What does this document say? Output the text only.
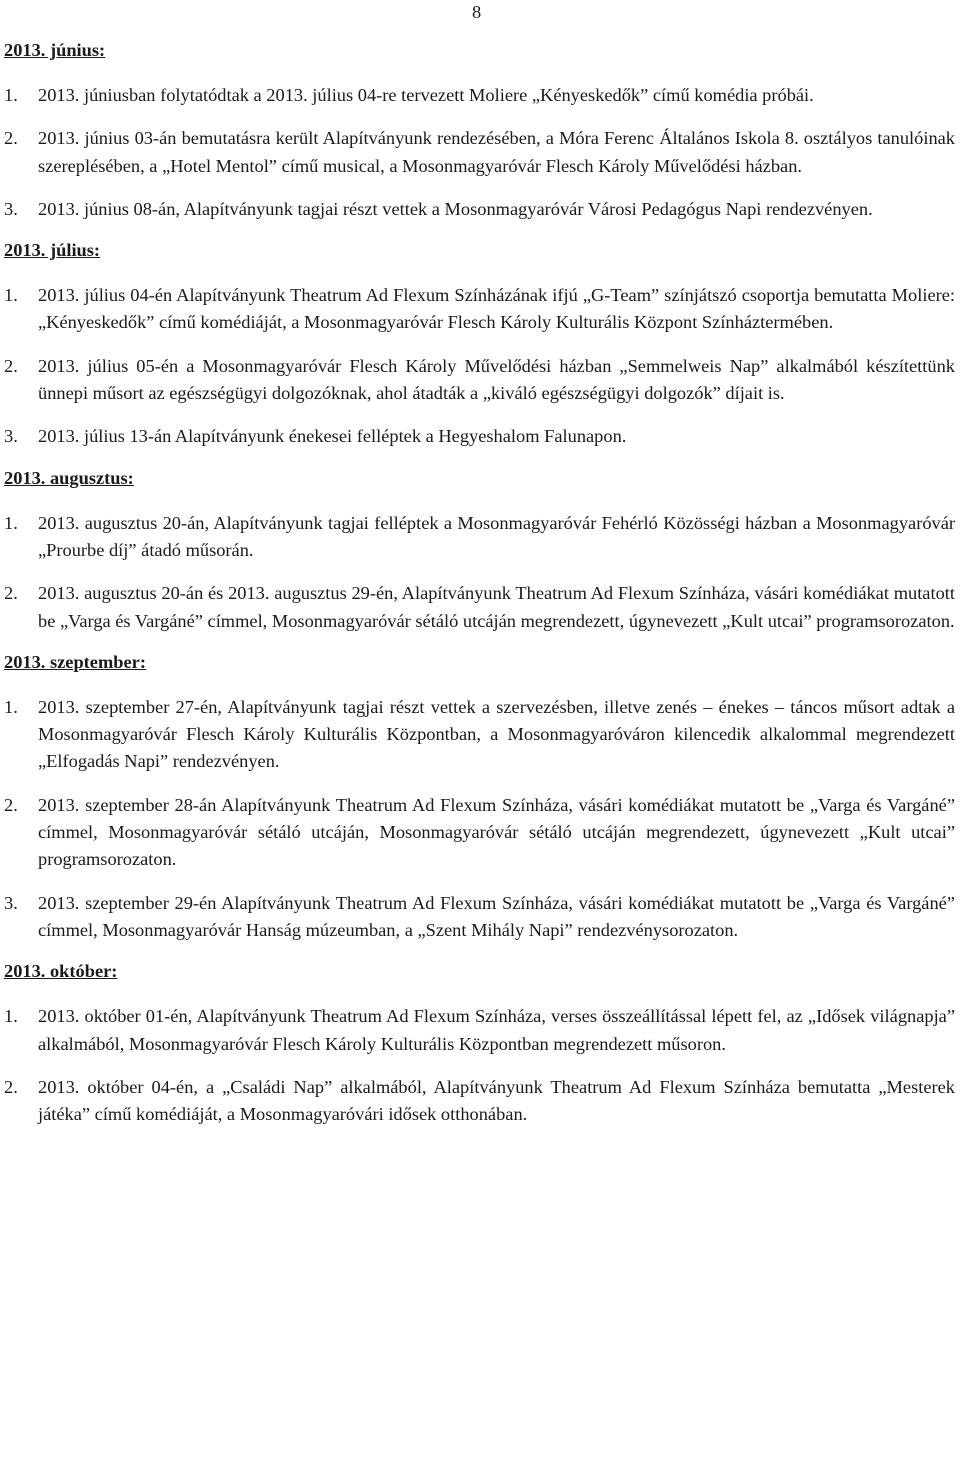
8

2013. június:

1. 2013. júniusban folytatódtak a 2013. július 04-re tervezett Moliere „Kényeskedők” című komédia próbái.

2. 2013. június 03-án bemutatásra került Alapítványunk rendezésében, a Móra Ferenc Általános Iskola 8. osztályos tanulóinak szereplésében, a „Hotel Mentol” című musical, a Mosonmagyaróvár Flesch Károly Művelődési házban.

3. 2013. június 08-án, Alapítványunk tagjai részt vettek a Mosonmagyaróvár Városi Pedagógus Napi rendezvényen.

2013. július:

1. 2013. július 04-én Alapítványunk Theatrum Ad Flexum Színházának ifjú „G-Team” színjátszó csoportja bemutatta Moliere: „Kényeskedők” című komédiáját, a Mosonmagyaróvár Flesch Károly Kulturális Központ Színháztermében.

2. 2013. július 05-én a Mosonmagyaróvár Flesch Károly Művelődési házban „Semmelweis Nap” alkalmából készítettünk ünnepi műsort az egészségügyi dolgozóknak, ahol átadták a „kiváló egészségügyi dolgozók” díjait is.

3. 2013. július 13-án Alapítványunk énekesei felléptek a Hegyeshalom Falunapon.

2013. augusztus:

1. 2013. augusztus 20-án, Alapítványunk tagjai felléptek a Mosonmagyaróvár Fehérló Közösségi házban a Mosonmagyaróvár „Prourbe díj” átadó műsorán.

2. 2013. augusztus 20-án és 2013. augusztus 29-én, Alapítványunk Theatrum Ad Flexum Színháza, vásári komédiákat mutatott be „Varga és Vargáné” címmel, Mosonmagyaróvár sétáló utcáján megrendezett, úgynevezett „Kult utcai” programsorozaton.

2013. szeptember:

1. 2013. szeptember 27-én, Alapítványunk tagjai részt vettek a szervezésben, illetve zenés – énekes – táncos műsort adtak a Mosonmagyaróvár Flesch Károly Kulturális Központban, a Mosonmagyaróváron kilencedik alkalommal megrendezett „Elfogadás Napi” rendezvényen.

2. 2013. szeptember 28-án Alapítványunk Theatrum Ad Flexum Színháza, vásári komédiákat mutatott be „Varga és Vargáné” címmel, Mosonmagyaróvár sétáló utcáján, Mosonmagyaróvár sétáló utcáján megrendezett, úgynevezett „Kult utcai” programsorozaton.

3. 2013. szeptember 29-én Alapítványunk Theatrum Ad Flexum Színháza, vásári komédiákat mutatott be „Varga és Vargáné” címmel, Mosonmagyaróvár Hanság múzeumban, a „Szent Mihály Napi” rendezvénysorozaton.

2013. október:

1. 2013. október 01-én, Alapítványunk Theatrum Ad Flexum Színháza, verses összeállítással lépett fel, az „Idősek világnapja” alkalmából, Mosonmagyaróvár Flesch Károly Kulturális Központban megrendezett műsoron.

2. 2013. október 04-én, a „Családi Nap” alkalmából, Alapítványunk Theatrum Ad Flexum Színháza bemutatta „Mesterek játéka” című komédiáját, a Mosonmagyaróvári idősek otthonában.
